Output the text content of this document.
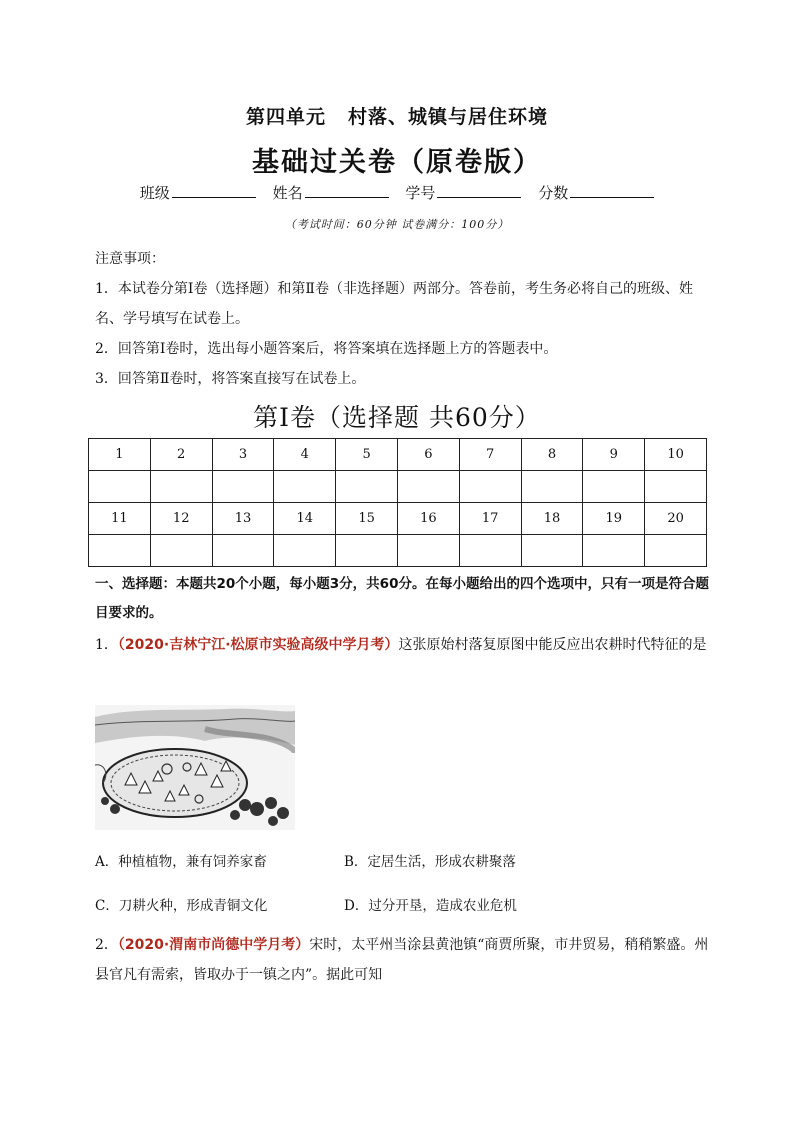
第四单元 村落、城镇与居住环境
基础过关卷（原卷版）
班级	姓名	学号	分数
（考试时间：60分钟 试卷满分：100分）

注意事项：

1．本试卷分第Ⅰ卷（选择题）和第Ⅱ卷（非选择题）两部分。答卷前，考生务必将自己的班级、姓名、学号填写在试卷上。

2．回答第Ⅰ卷时，选出每小题答案后，将答案填在选择题上方的答题表中。

3．回答第Ⅱ卷时，将答案直接写在试卷上。

第Ⅰ卷（选择题 共60分）
1	2	3	4	5	6	7	8	9	10

11	12	13	14	15	16	17	18	19	20

一、选择题：本题共20个小题，每小题3分，共60分。在每小题给出的四个选项中，只有一项是符合题目要求的。
1．（2020·吉林宁江·松原市实验高级中学月考）这张原始村落复原图中能反应出农耕时代特征的是
A．种植植物，兼有饲养家畜	B．定居生活，形成农耕聚落
C．刀耕火种，形成青铜文化	D．过分开垦，造成农业危机
2．（2020·渭南市尚德中学月考）宋时，太平州当涂县黄池镇“商贾所聚，市井贸易，稍稍繁盛。州县官凡有需索，皆取办于一镇之内”。据此可知
